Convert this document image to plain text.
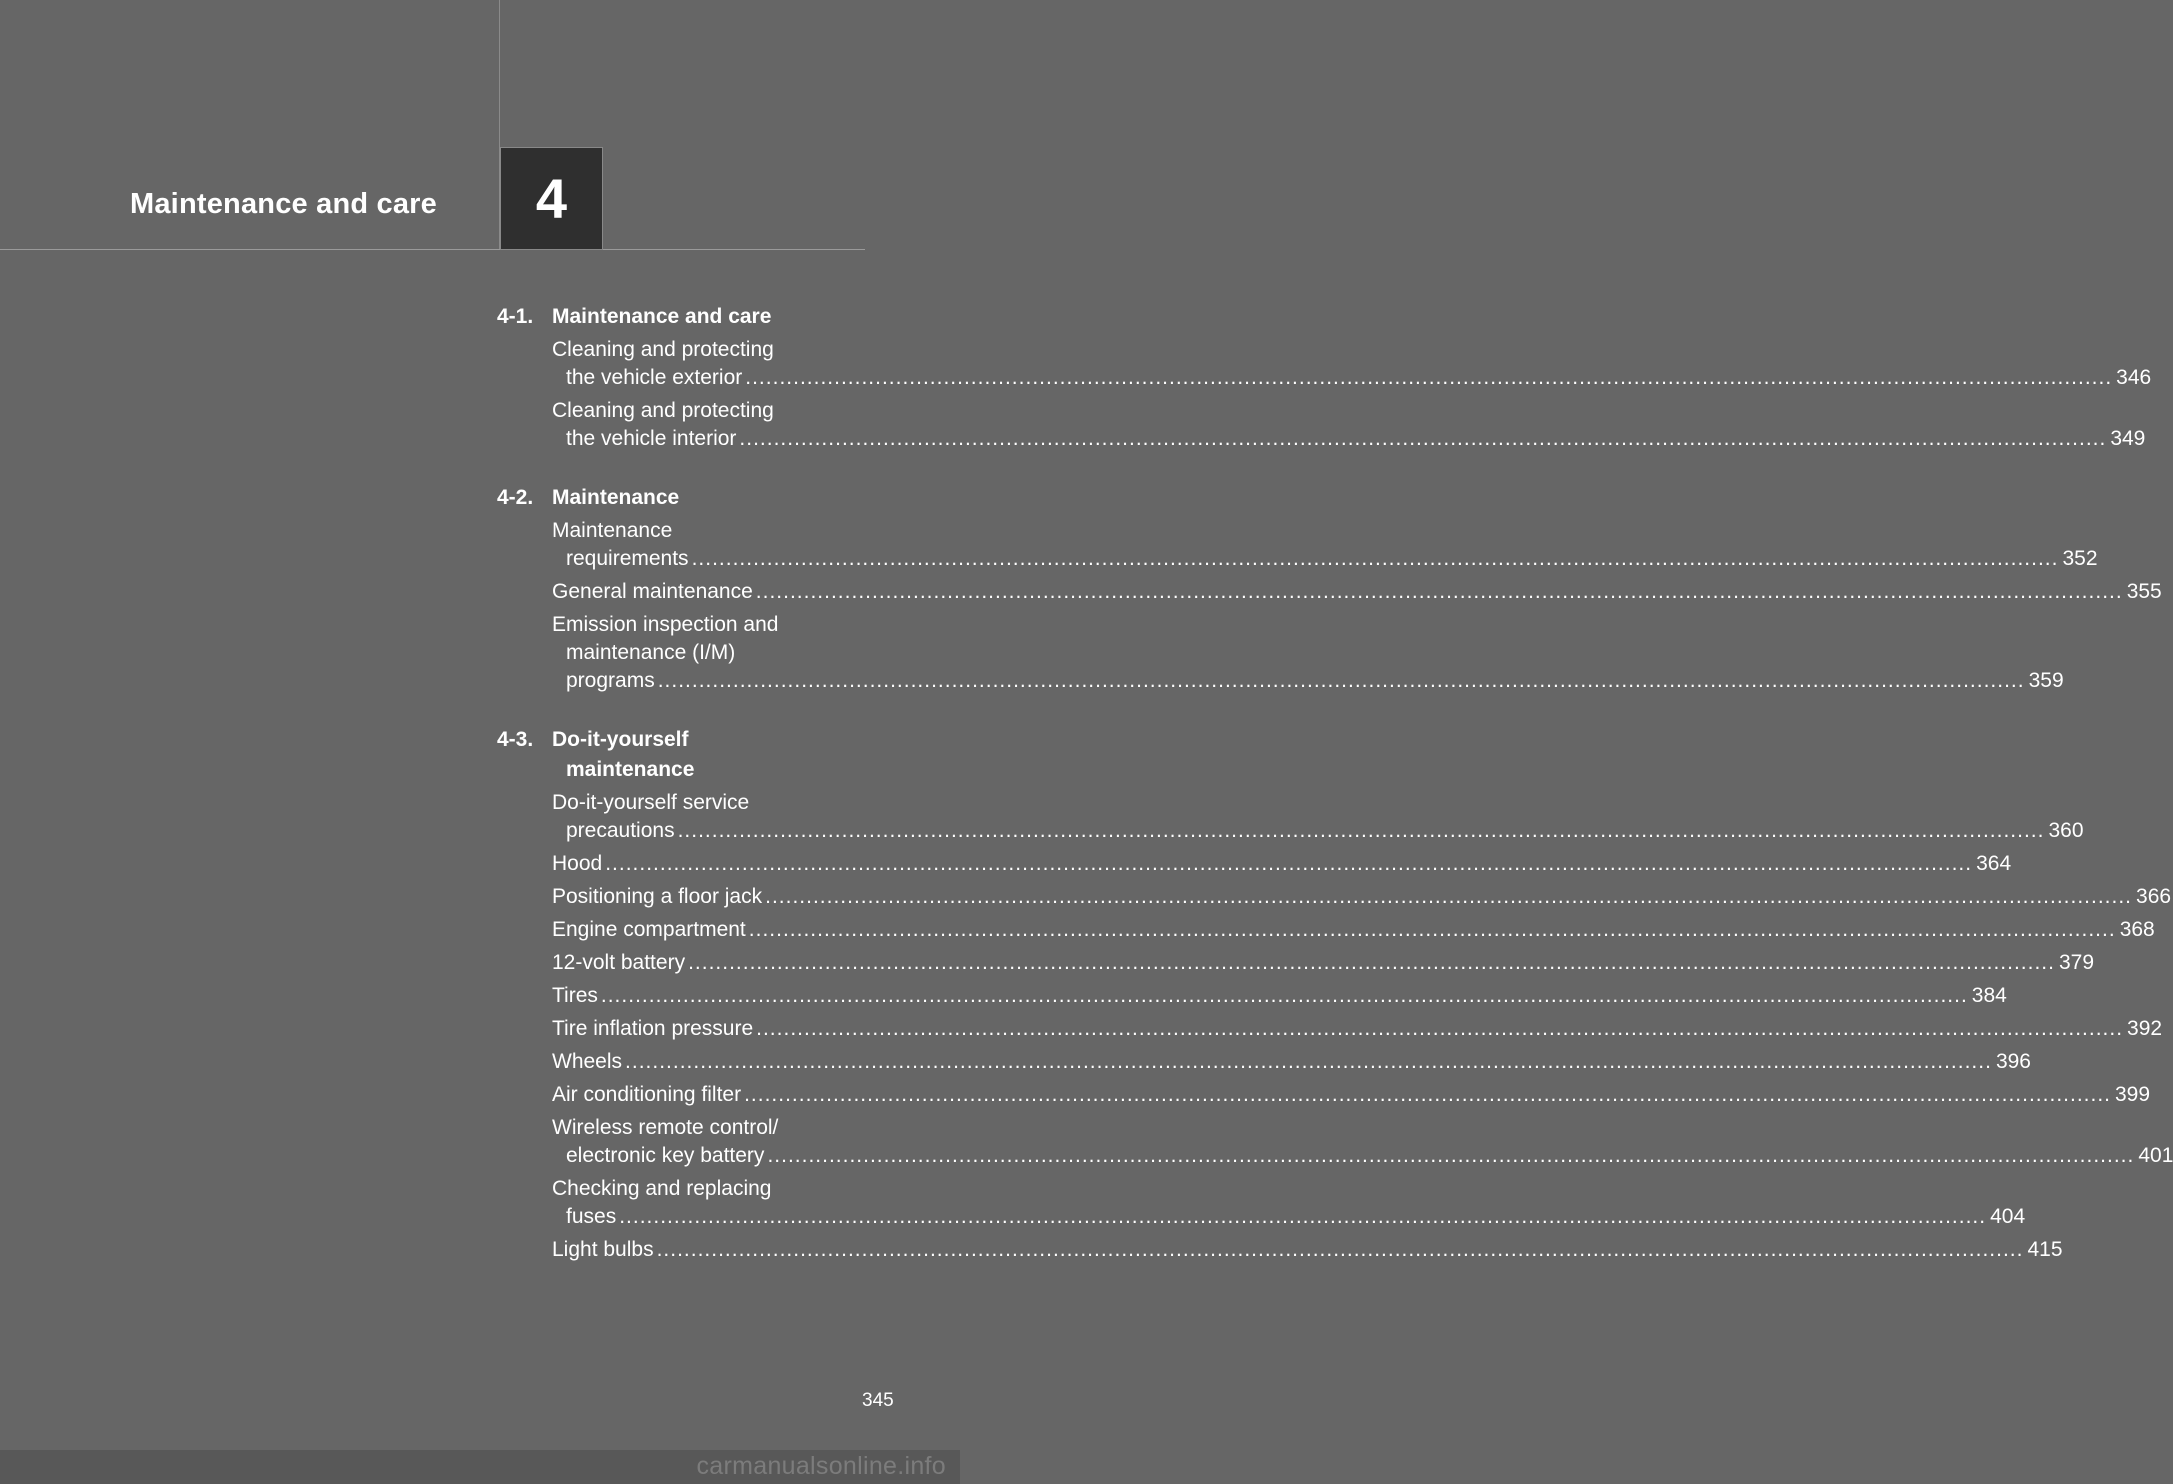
Maintenance and care	4
4-1. Maintenance and care
Cleaning and protecting
the vehicle exterior ........................................................................................................................................................................................................ 346
Cleaning and protecting
the vehicle interior ........................................................................................................................................................................................................ 349
4-2. Maintenance
Maintenance
requirements ........................................................................................................................................................................................................ 352
General maintenance ........................................................................................................................................................................................................ 355
Emission inspection and
maintenance (I/M)
programs ........................................................................................................................................................................................................ 359
4-3. Do-it-yourself
maintenance
Do-it-yourself service
precautions ........................................................................................................................................................................................................ 360
Hood ........................................................................................................................................................................................................ 364
Positioning a floor jack ........................................................................................................................................................................................................ 366
Engine compartment ........................................................................................................................................................................................................ 368
12-volt battery ........................................................................................................................................................................................................ 379
Tires ........................................................................................................................................................................................................ 384
Tire inflation pressure ........................................................................................................................................................................................................ 392
Wheels ........................................................................................................................................................................................................ 396
Air conditioning filter ........................................................................................................................................................................................................ 399
Wireless remote control/
electronic key battery ........................................................................................................................................................................................................ 401
Checking and replacing
fuses ........................................................................................................................................................................................................ 404
Light bulbs ........................................................................................................................................................................................................ 415
345
carmanualsonline.info
